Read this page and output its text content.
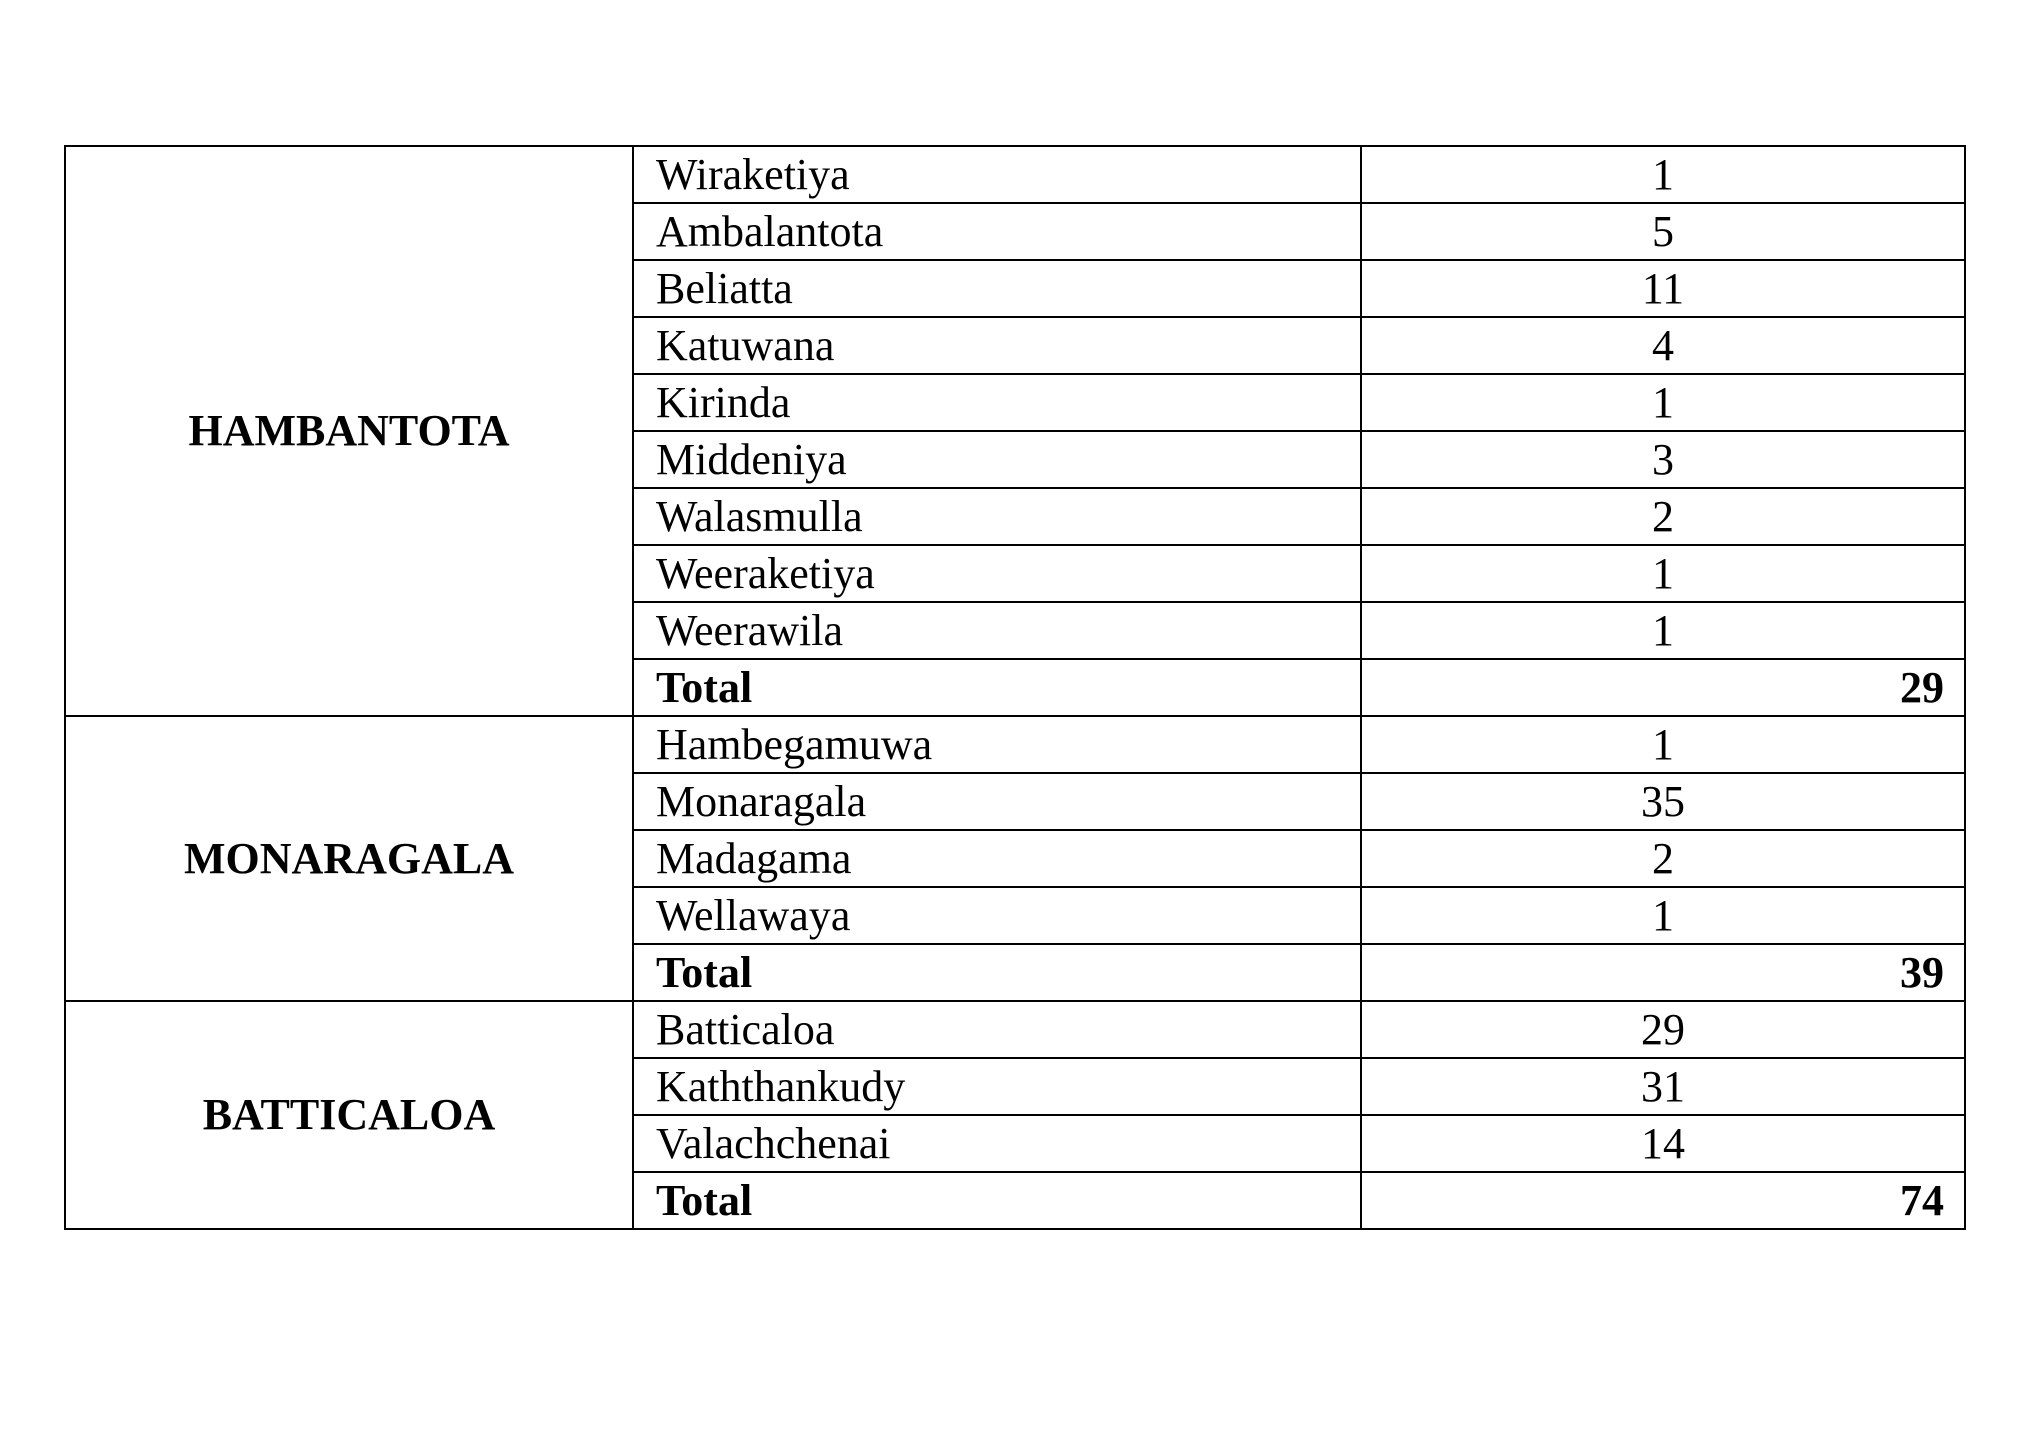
HAMBANTOTA	Wiraketiya	1
	Ambalantota	5
	Beliatta	11
	Katuwana	4
	Kirinda	1
	Middeniya	3
	Walasmulla	2
	Weeraketiya	1
	Weerawila	1
	Total	29
MONARAGALA	Hambegamuwa	1
	Monaragala	35
	Madagama	2
	Wellawaya	1
	Total	39
BATTICALOA	Batticaloa	29
	Kaththankudy	31
	Valachchenai	14
	Total	74
